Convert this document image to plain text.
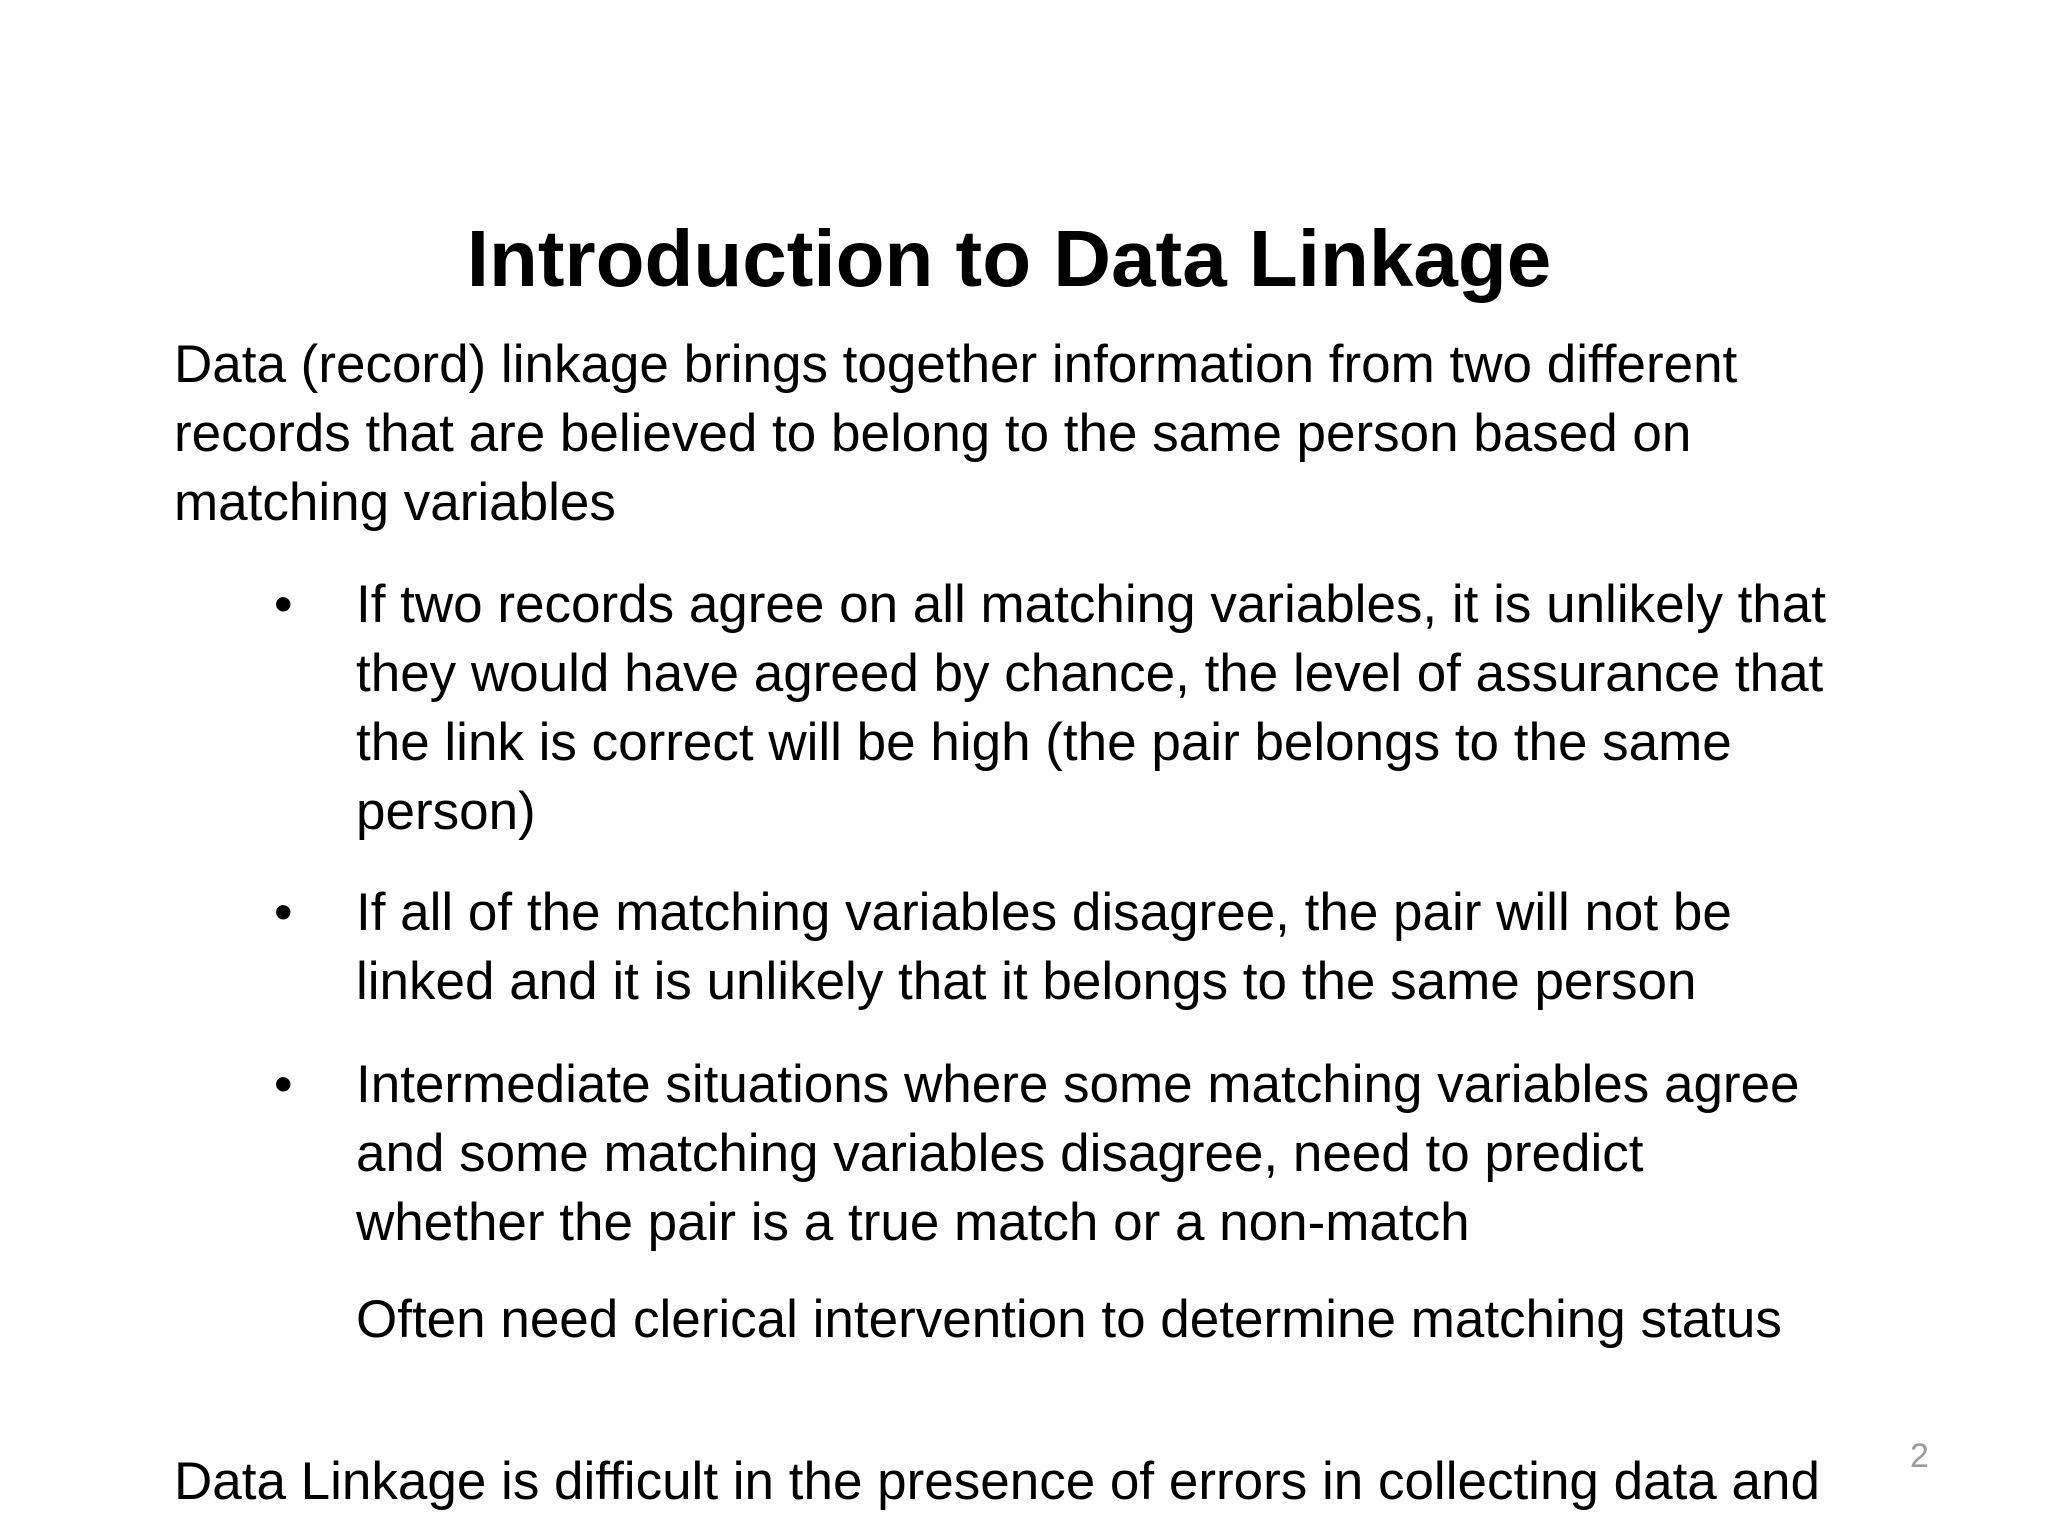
Introduction to Data Linkage
Data (record) linkage brings together information from two different
records that are believed to belong to the same person based on
matching variables
• If two records agree on all matching variables, it is unlikely that
they would have agreed by chance, the level of assurance that
the link is correct will be high (the pair belongs to the same
person)
• If all of the matching variables disagree, the pair will not be
linked and it is unlikely that it belongs to the same person
• Intermediate situations where some matching variables agree
and some matching variables disagree, need to predict
whether the pair is a true match or a non-match
Often need clerical intervention to determine matching status
2
Data Linkage is difficult in the presence of errors in collecting data and
